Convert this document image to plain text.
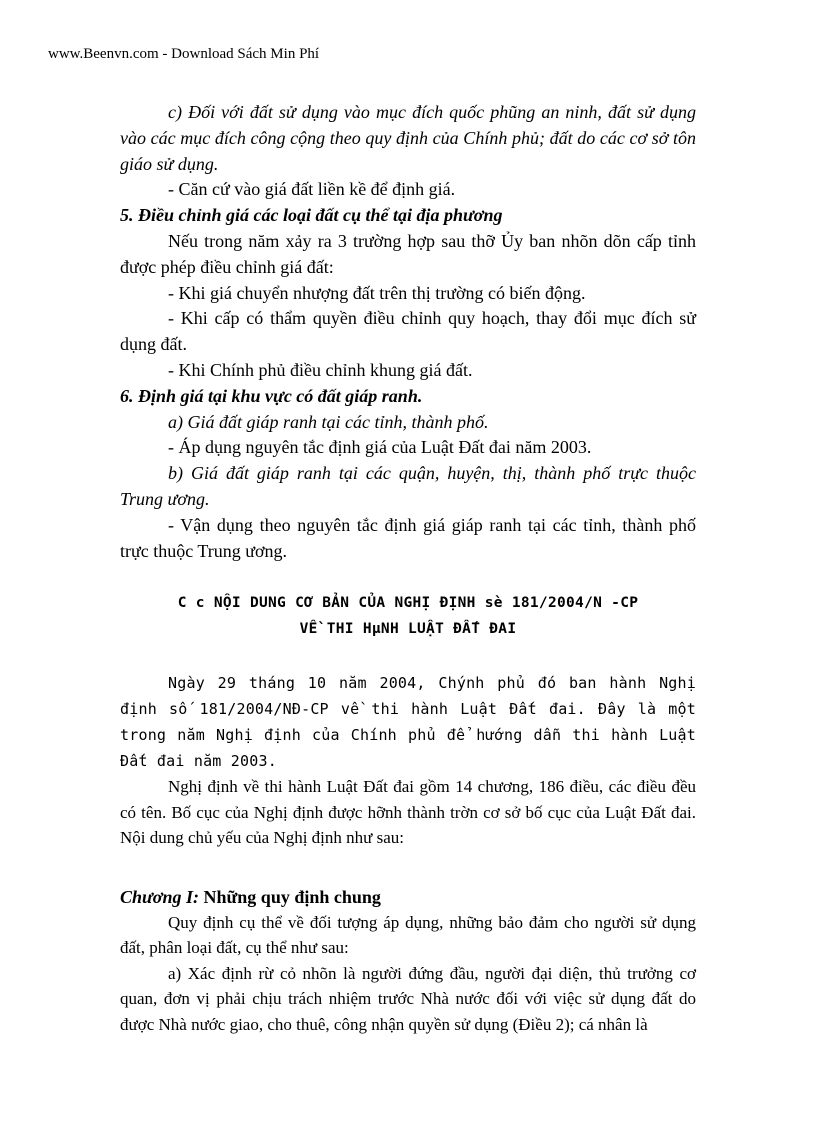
www.Beenvn.com - Download Sách Min Phí

c) Đối với đất sử dụng vào mục đích quốc phũng an ninh, đất sử dụng vào các mục đích công cộng theo quy định của Chính phủ; đất do các cơ sở tôn giáo sử dụng.

- Căn cứ vào giá đất liền kề để định giá.

5. Điều chỉnh giá các loại đất cụ thể tại địa phương

Nếu trong năm xảy ra 3 trường hợp sau thỡ Ủy ban nhõn dõn cấp tỉnh được phép điều chỉnh giá đất:

- Khi giá chuyển nhượng đất trên thị trường có biến động.

- Khi cấp có thẩm quyền điều chỉnh quy hoạch, thay đổi mục đích sử dụng đất.

- Khi Chính phủ điều chỉnh khung giá đất.

6. Định giá tại khu vực có đất giáp ranh.

a) Giá đất giáp ranh tại các tỉnh, thành phố.

- Áp dụng nguyên tắc định giá của Luật Đất đai năm 2003.

b) Giá đất giáp ranh tại các quận, huyện, thị, thành phố trực thuộc Trung ương.

- Vận dụng theo nguyên tắc định giá giáp ranh tại các tỉnh, thành phố trực thuộc Trung ương.

C c NỘI DUNG CƠ BẢN CỦA NGHỊ ĐỊNH sè 181/2004/N -CP

VỀ THI HµNH LUẬT ĐẤT ĐAI

Ngày 29 tháng 10 năm 2004, Chýnh phủ đó ban hành Nghị định số 181/2004/NĐ-CP về thi hành Luật Đất đai. Đây là một trong năm Nghị định của Chính phủ để hướng dẫn thi hành Luật Đất đai năm 2003.

Nghị định về thi hành Luật Đất đai gồm 14 chương, 186 điều, các điều đều có tên. Bố cục của Nghị định được hỡnh thành trờn cơ sở bố cục của Luật Đất đai. Nội dung chủ yếu của Nghị định như sau:

Chương I: Những quy định chung

Quy định cụ thể về đối tượng áp dụng, những bảo đảm cho người sử dụng đất, phân loại đất, cụ thể như sau:

a) Xác định rừ cỏ nhõn là người đứng đầu, người đại diện, thủ trưởng cơ quan, đơn vị phải chịu trách nhiệm trước Nhà nước đối với việc sử dụng đất do được Nhà nước giao, cho thuê, công nhận quyền sử dụng (Điều 2); cá nhân là
